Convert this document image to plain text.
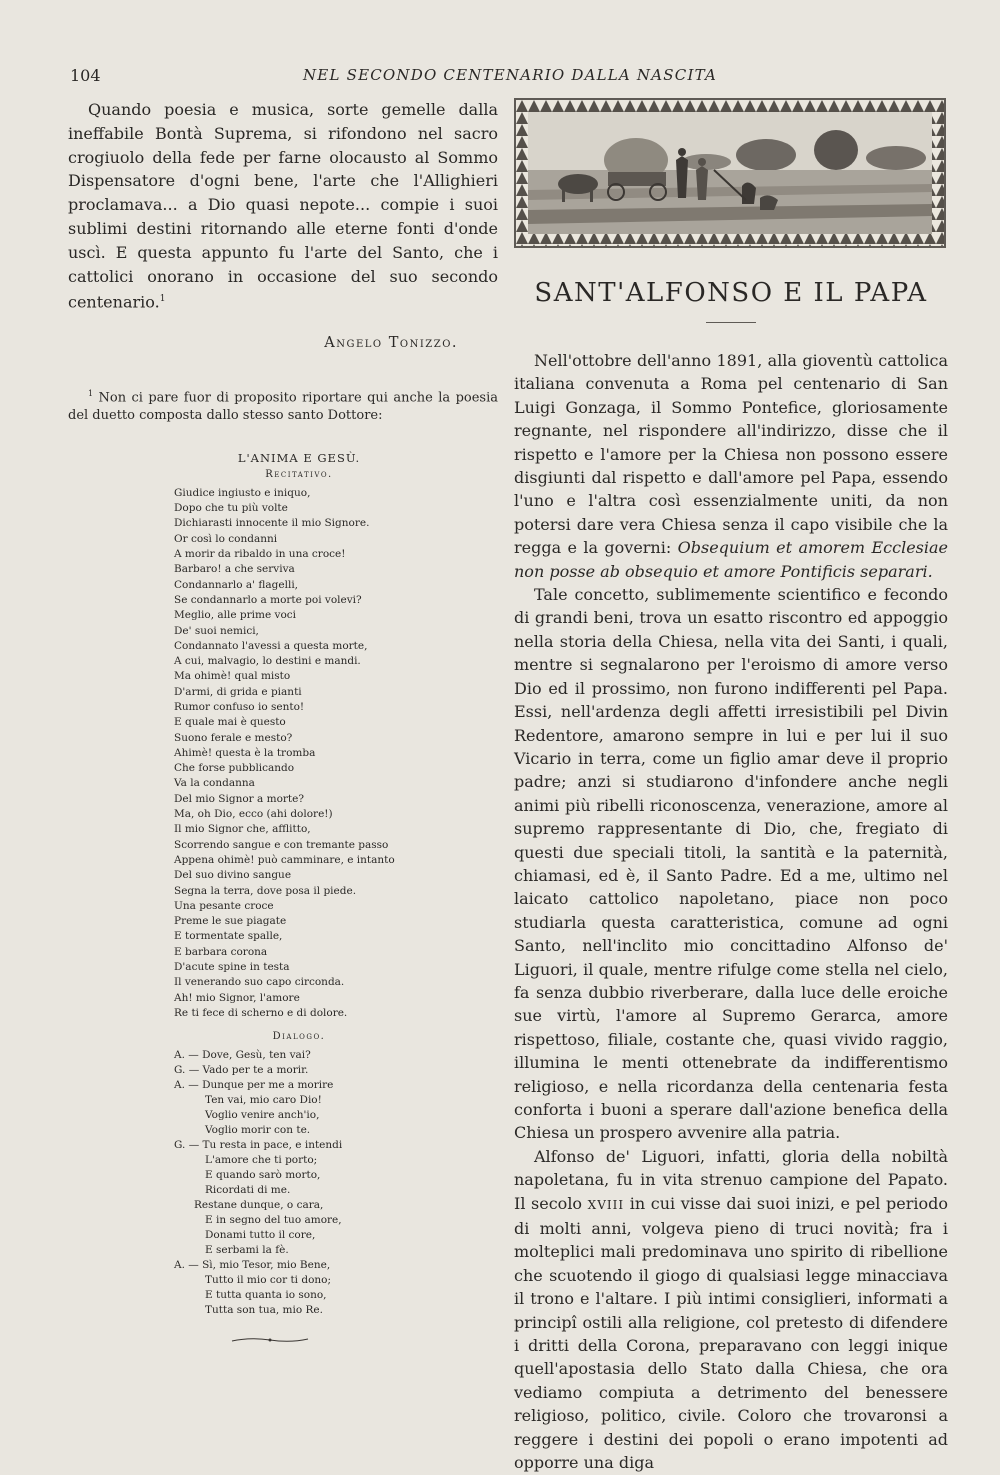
104	NEL SECONDO CENTENARIO DALLA NASCITA

Quando poesia e musica, sorte gemelle dalla ineffabile Bontà Suprema, si rifondono nel sacro crogiuolo della fede per farne olocausto al Sommo Dispensatore d'ogni bene, l'arte che l'Allighieri proclamava... a Dio quasi nepote... compie i suoi sublimi destini ritornando alle eterne fonti d'onde uscì. E questa appunto fu l'arte del Santo, che i cattolici onorano in occasione del suo secondo centenario.$^1$

Angelo Tonizzo.
$^1$ Non ci pare fuor di proposito riportare qui anche la poesia del duetto composta dallo stesso santo Dottore:
L'ANIMA E GESÙ.
Recitativo.
Giudice ingiusto e iniquo,
Dopo che tu più volte
Dichiarasti innocente il mio Signore.
Or così lo condanni
A morir da ribaldo in una croce!
Barbaro! a che serviva
Condannarlo a' flagelli,
Se condannarlo a morte poi volevi?
Meglio, alle prime voci
De' suoi nemici,
Condannato l'avessi a questa morte,
A cui, malvagio, lo destini e mandi.
Ma ohimè! qual misto
D'armi, di grida e pianti
Rumor confuso io sento!
E quale mai è questo
Suono ferale e mesto?
Ahimè! questa è la tromba
Che forse pubblicando
Va la condanna
Del mio Signor a morte?
Ma, oh Dio, ecco (ahi dolore!)
Il mio Signor che, afflitto,
Scorrendo sangue e con tremante passo
Appena ohimè! può camminare, e intanto
Del suo divino sangue
Segna la terra, dove posa il piede.
Una pesante croce
Preme le sue piagate
E tormentate spalle,
E barbara corona
D'acute spine in testa
Il venerando suo capo circonda.
Ah! mio Signor, l'amore
Re ti fece di scherno e di dolore.
Dialogo.
A. — Dove, Gesù, ten vai?
G. — Vado per te a morir.
A. — Dunque per me a morire
Ten vai, mio caro Dio!
Voglio venire anch'io,
Voglio morir con te.
G. — Tu resta in pace, e intendi
L'amore che ti porto;
E quando sarò morto,
Ricordati di me.
Restane dunque, o cara,
E in segno del tuo amore,
Donami tutto il core,
E serbami la fè.
A. — Sì, mio Tesor, mio Bene,
Tutto il mio cor ti dono;
E tutta quanta io sono,
Tutta son tua, mio Re.
SANT'ALFONSO E IL PAPA

Nell'ottobre dell'anno 1891, alla gioventù cattolica italiana convenuta a Roma pel centenario di San Luigi Gonzaga, il Sommo Pontefice, gloriosamente regnante, nel rispondere all'indirizzo, disse che il rispetto e l'amore per la Chiesa non possono essere disgiunti dal rispetto e dall'amore pel Papa, essendo l'uno e l'altra così essenzialmente uniti, da non potersi dare vera Chiesa senza il capo visibile che la regga e la governi: Obsequium et amorem Ecclesiae non posse ab obsequio et amore Pontificis separari.

Tale concetto, sublimemente scientifico e fecondo di grandi beni, trova un esatto riscontro ed appoggio nella storia della Chiesa, nella vita dei Santi, i quali, mentre si segnalarono per l'eroismo di amore verso Dio ed il prossimo, non furono indifferenti pel Papa. Essi, nell'ardenza degli affetti irresistibili pel Divin Redentore, amarono sempre in lui e per lui il suo Vicario in terra, come un figlio amar deve il proprio padre; anzi si studiarono d'infondere anche negli animi più ribelli riconoscenza, venerazione, amore al supremo rappresentante di Dio, che, fregiato di questi due speciali titoli, la santità e la paternità, chiamasi, ed è, il Santo Padre. Ed a me, ultimo nel laicato cattolico napoletano, piace non poco studiarla questa caratteristica, comune ad ogni Santo, nell'inclito mio concittadino Alfonso de' Liguori, il quale, mentre rifulge come stella nel cielo, fa senza dubbio riverberare, dalla luce delle eroiche sue virtù, l'amore al Supremo Gerarca, amore rispettoso, filiale, costante che, quasi vivido raggio, illumina le menti ottenebrate da indifferentismo religioso, e nella ricordanza della centenaria festa conforta i buoni a sperare dall'azione benefica della Chiesa un prospero avvenire alla patria.

Alfonso de' Liguori, infatti, gloria della nobiltà napoletana, fu in vita strenuo campione del Papato. Il secolo XVIII in cui visse dai suoi inizi, e pel periodo di molti anni, volgeva pieno di truci novità; fra i molteplici mali predominava uno spirito di ribellione che scuotendo il giogo di qualsiasi legge minacciava il trono e l'altare. I più intimi consiglieri, informati a principî ostili alla religione, col pretesto di difendere i dritti della Corona, preparavano con leggi inique quell'apostasia dello Stato dalla Chiesa, che ora vediamo compiuta a detrimento del benessere religioso, politico, civile. Coloro che trovaronsi a reggere i destini dei popoli o erano impotenti ad opporre una diga
